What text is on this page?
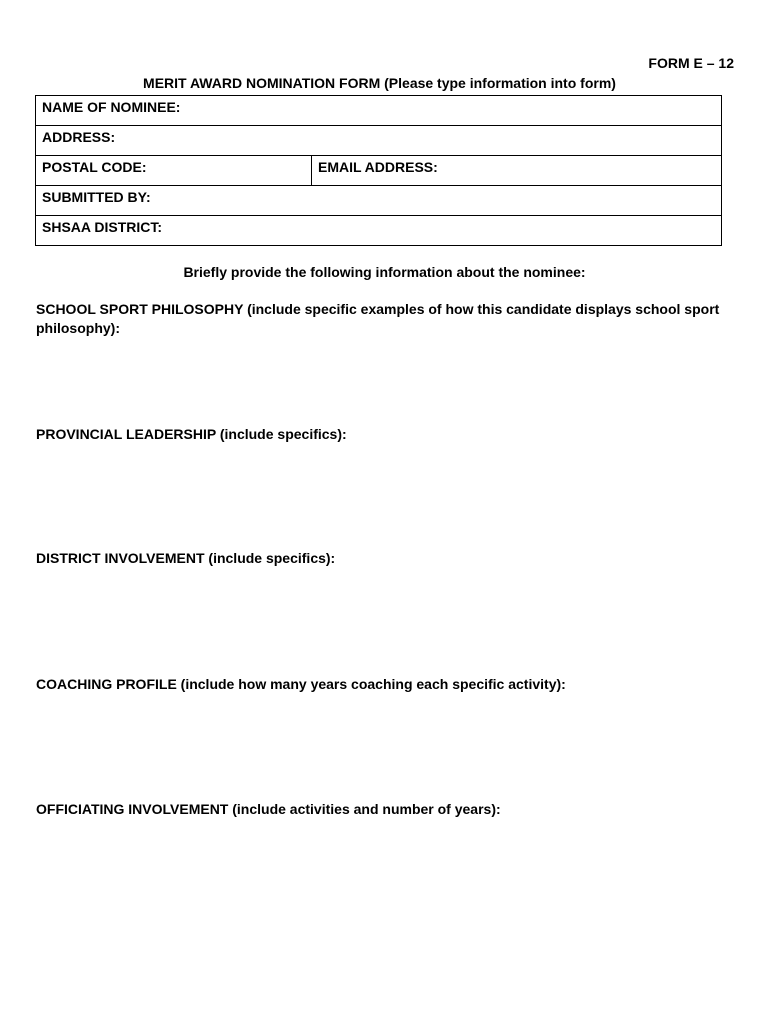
FORM E – 12
MERIT AWARD NOMINATION FORM (Please type information into form)
NAME OF NOMINEE:

ADDRESS:

POSTAL CODE:	EMAIL ADDRESS:

SUBMITTED BY:

SHSAA DISTRICT:
Briefly provide the following information about the nominee:
SCHOOL SPORT PHILOSOPHY (include specific examples of how this candidate displays school sport philosophy):
PROVINCIAL LEADERSHIP (include specifics):
DISTRICT INVOLVEMENT (include specifics):
COACHING PROFILE (include how many years coaching each specific activity):
OFFICIATING INVOLVEMENT (include activities and number of years):
